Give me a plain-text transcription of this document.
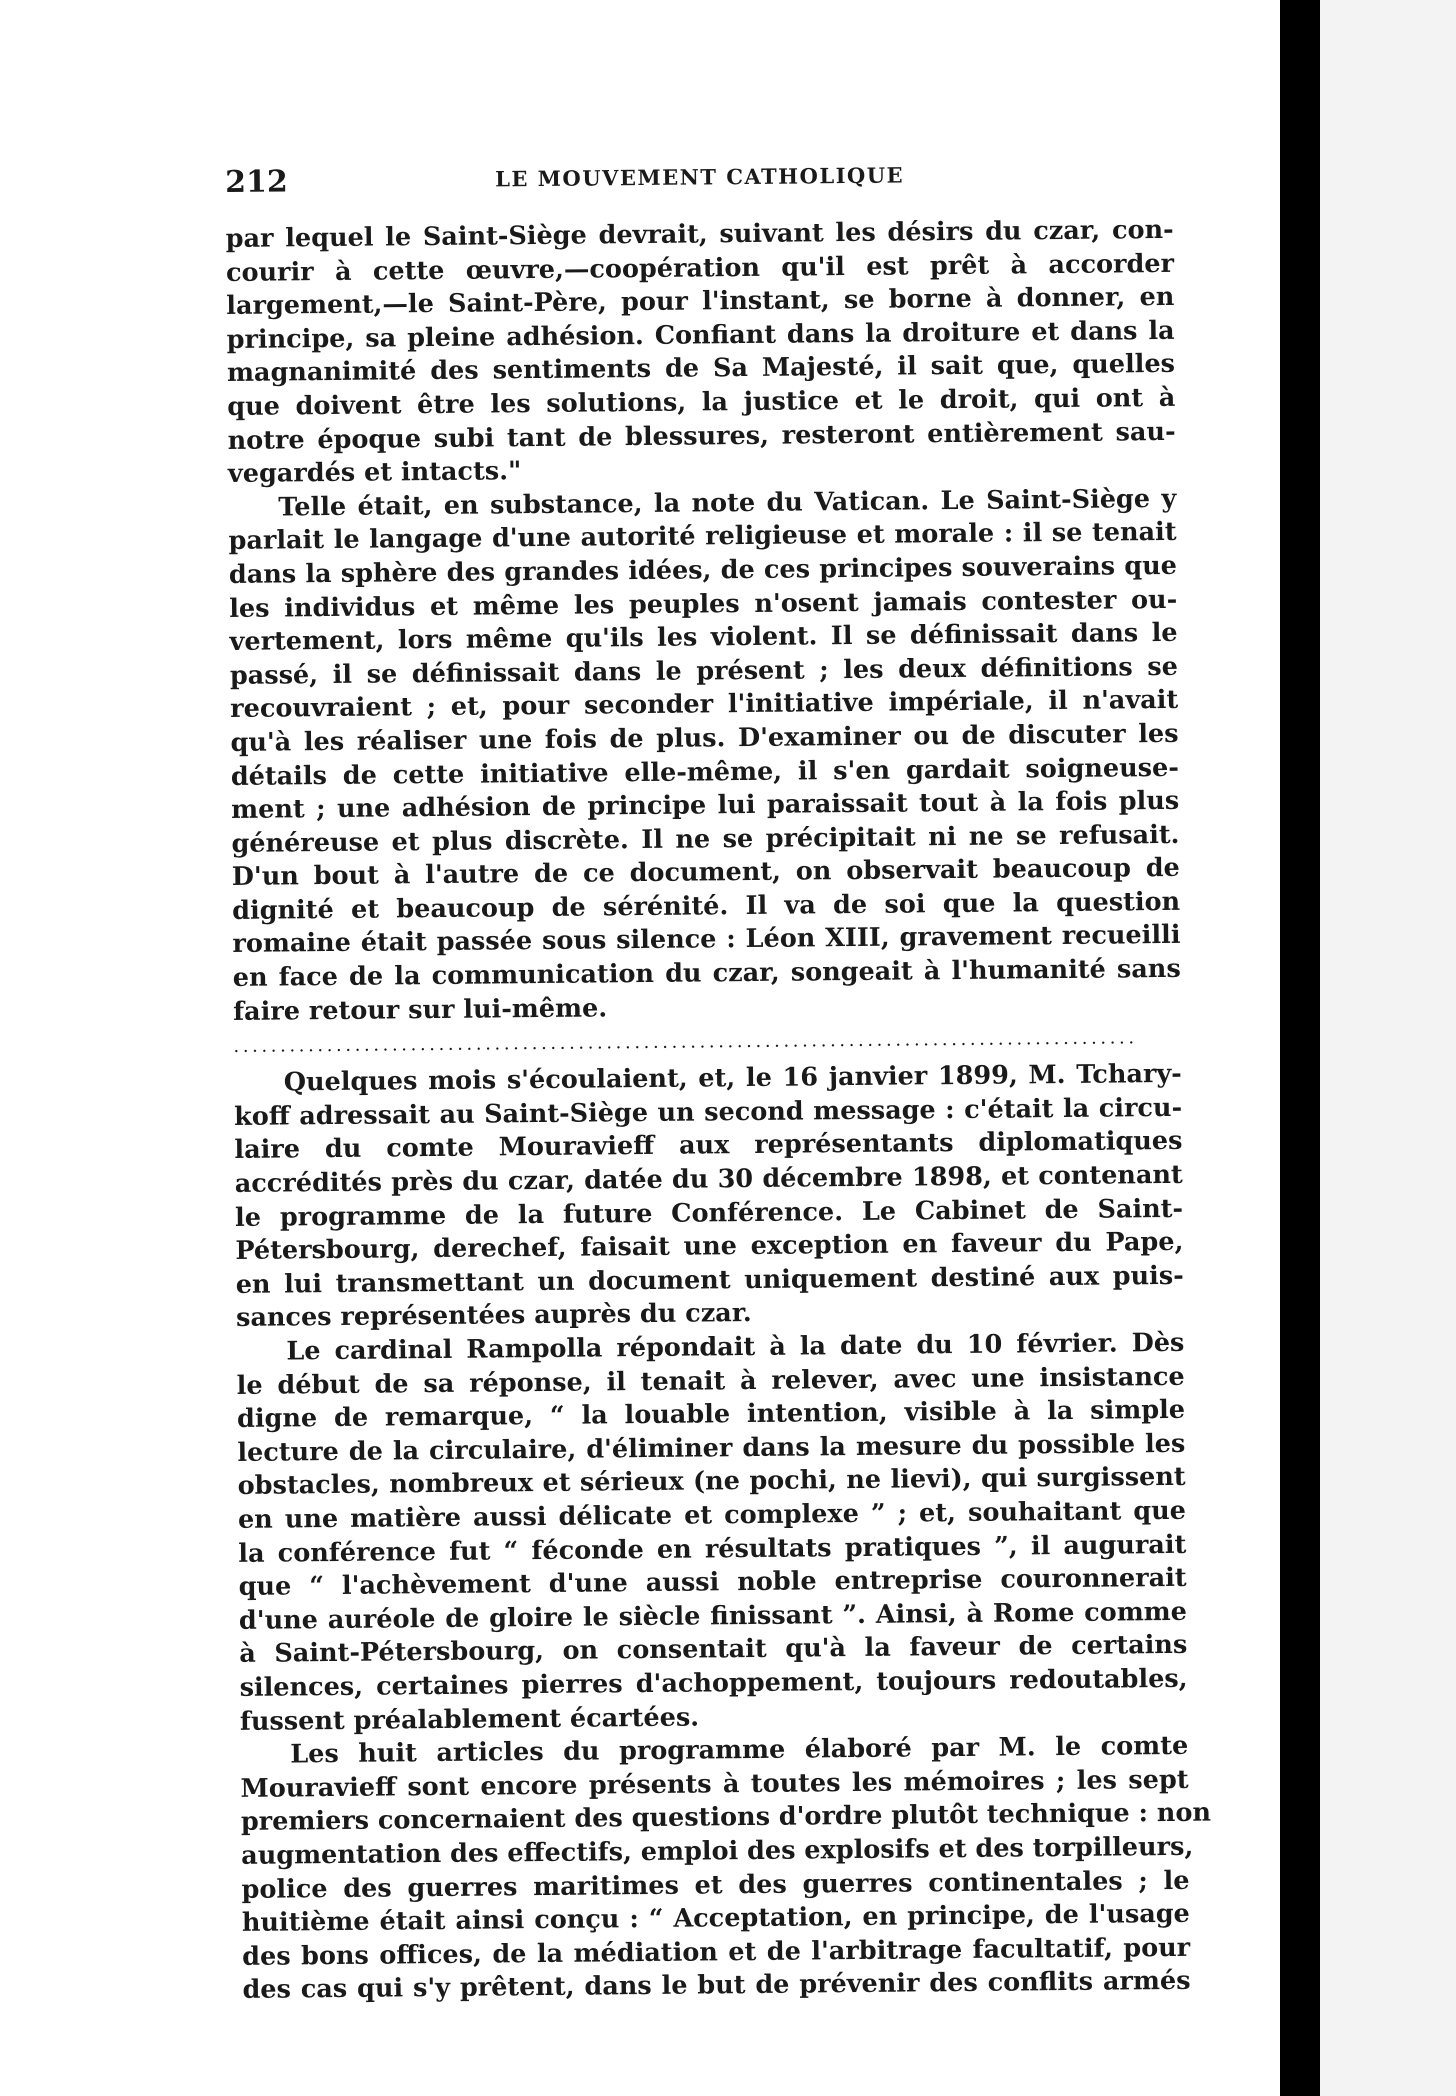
212	LE MOUVEMENT CATHOLIQUE
par lequel le Saint-Siège devrait, suivant les désirs du czar, con-
courir à cette œuvre,—coopération qu'il est prêt à accorder
largement,—le Saint-Père, pour l'instant, se borne à donner, en
principe, sa pleine adhésion. Confiant dans la droiture et dans la
magnanimité des sentiments de Sa Majesté, il sait que, quelles
que doivent être les solutions, la justice et le droit, qui ont à
notre époque subi tant de blessures, resteront entièrement sau-
vegardés et intacts."
Telle était, en substance, la note du Vatican. Le Saint-Siège y
parlait le langage d'une autorité religieuse et morale : il se tenait
dans la sphère des grandes idées, de ces principes souverains que
les individus et même les peuples n'osent jamais contester ou-
vertement, lors même qu'ils les violent. Il se définissait dans le
passé, il se définissait dans le présent ; les deux définitions se
recouvraient ; et, pour seconder l'initiative impériale, il n'avait
qu'à les réaliser une fois de plus. D'examiner ou de discuter les
détails de cette initiative elle-même, il s'en gardait soigneuse-
ment ; une adhésion de principe lui paraissait tout à la fois plus
généreuse et plus discrète. Il ne se précipitait ni ne se refusait.
D'un bout à l'autre de ce document, on observait beaucoup de
dignité et beaucoup de sérénité. Il va de soi que la question
romaine était passée sous silence : Léon XIII, gravement recueilli
en face de la communication du czar, songeait à l'humanité sans
faire retour sur lui-même.
.................................................................................................
Quelques mois s'écoulaient, et, le 16 janvier 1899, M. Tchary-
koff adressait au Saint-Siège un second message : c'était la circu-
laire du comte Mouravieff aux représentants diplomatiques
accrédités près du czar, datée du 30 décembre 1898, et contenant
le programme de la future Conférence. Le Cabinet de Saint-
Pétersbourg, derechef, faisait une exception en faveur du Pape,
en lui transmettant un document uniquement destiné aux puis-
sances représentées auprès du czar.
Le cardinal Rampolla répondait à la date du 10 février. Dès
le début de sa réponse, il tenait à relever, avec une insistance
digne de remarque, “ la louable intention, visible à la simple
lecture de la circulaire, d'éliminer dans la mesure du possible les
obstacles, nombreux et sérieux (ne pochi, ne lievi), qui surgissent
en une matière aussi délicate et complexe ” ; et, souhaitant que
la conférence fut “ féconde en résultats pratiques ”, il augurait
que “ l'achèvement d'une aussi noble entreprise couronnerait
d'une auréole de gloire le siècle finissant ”. Ainsi, à Rome comme
à Saint-Pétersbourg, on consentait qu'à la faveur de certains
silences, certaines pierres d'achoppement, toujours redoutables,
fussent préalablement écartées.
Les huit articles du programme élaboré par M. le comte
Mouravieff sont encore présents à toutes les mémoires ; les sept
premiers concernaient des questions d'ordre plutôt technique : non
augmentation des effectifs, emploi des explosifs et des torpilleurs,
police des guerres maritimes et des guerres continentales ; le
huitième était ainsi conçu : “ Acceptation, en principe, de l'usage
des bons offices, de la médiation et de l'arbitrage facultatif, pour
des cas qui s'y prêtent, dans le but de prévenir des conflits armés
